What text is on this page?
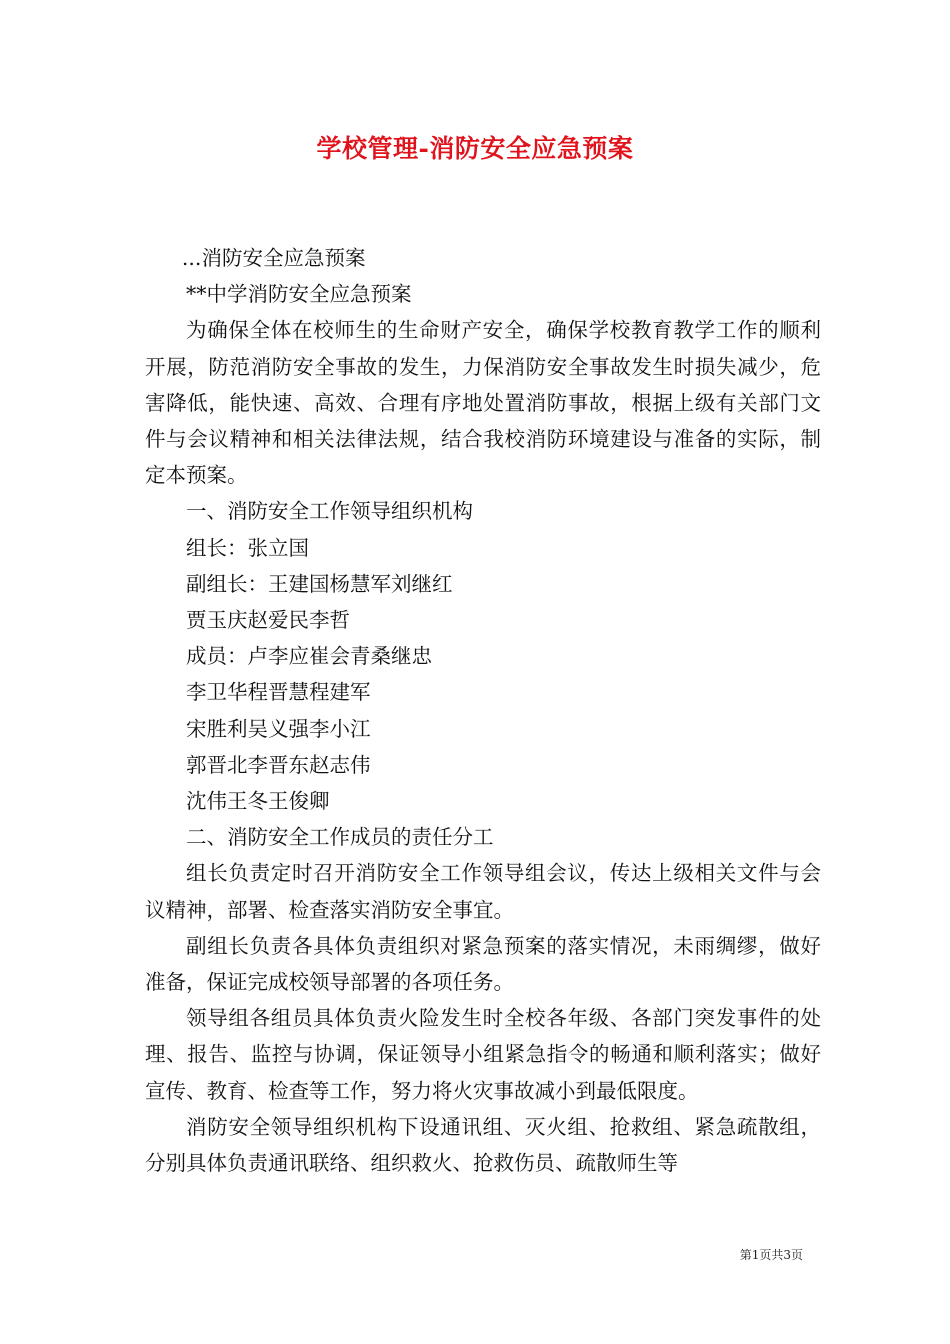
学校管理-消防安全应急预案

...消防安全应急预案

**中学消防安全应急预案

为确保全体在校师生的生命财产安全，确保学校教育教学工作的顺利开展，防范消防安全事故的发生，力保消防安全事故发生时损失减少，危害降低，能快速、高效、合理有序地处置消防事故，根据上级有关部门文件与会议精神和相关法律法规，结合我校消防环境建设与准备的实际，制定本预案。

一、消防安全工作领导组织机构

组长：张立国

副组长：王建国杨慧军刘继红

贾玉庆赵爱民李哲

成员：卢李应崔会青桑继忠

李卫华程晋慧程建军

宋胜利吴义强李小江

郭晋北李晋东赵志伟

沈伟王冬王俊卿

二、消防安全工作成员的责任分工

组长负责定时召开消防安全工作领导组会议，传达上级相关文件与会议精神，部署、检查落实消防安全事宜。

副组长负责各具体负责组织对紧急预案的落实情况，未雨绸缪，做好准备，保证完成校领导部署的各项任务。

领导组各组员具体负责火险发生时全校各年级、各部门突发事件的处理、报告、监控与协调，保证领导小组紧急指令的畅通和顺利落实；做好宣传、教育、检查等工作，努力将火灾事故减小到最低限度。

消防安全领导组织机构下设通讯组、灭火组、抢救组、紧急疏散组，分别具体负责通讯联络、组织救火、抢救伤员、疏散师生等

第1页共3页
